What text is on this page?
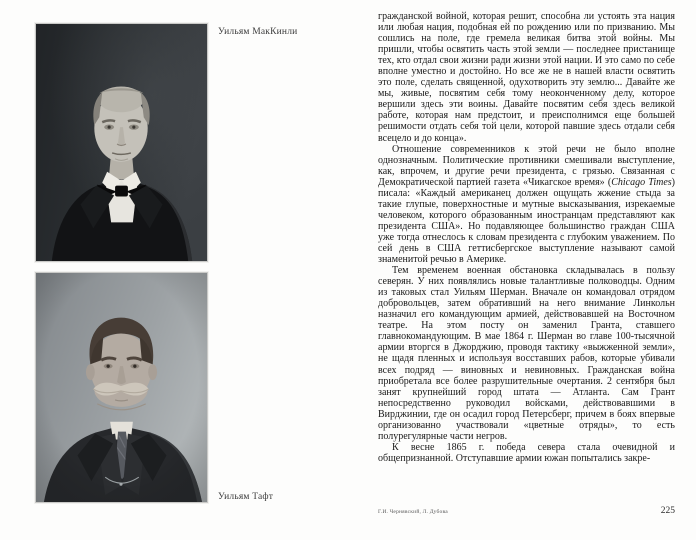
Уильям МакКинли
Уильям Тафт

гражданской войной, которая решит, способна ли устоять эта нация или любая нация, подобная ей по рождению или по призванию. Мы сошлись на поле, где гремела великая битва этой войны. Мы пришли, чтобы освятить часть этой земли — последнее пристанище тех, кто отдал свои жизни ради жизни этой нации. И это само по себе вполне уместно и достойно. Но все же не в нашей власти освятить это поле, сделать священной, одухотворить эту землю... Давайте же мы, живые, посвятим себя тому неоконченному делу, которое вершили здесь эти воины. Давайте посвятим себя здесь великой работе, которая нам предстоит, и преисполнимся еще большей решимости отдать себя той цели, которой павшие здесь отдали себя всецело и до конца».

Отношение современников к этой речи не было вполне однозначным. Политические противники смешивали выступление, как, впрочем, и другие речи президента, с грязью. Связанная с Демократической партией газета «Чикагское время» (Chicago Times) писала: «Каждый американец должен ощущать жжение стыда за такие глупые, поверхностные и мутные высказывания, изрекаемые человеком, которого образованным иностранцам представляют как президента США». Но подавляющее большинство граждан США уже тогда отнеслось к словам президента с глубоким уважением. По сей день в США геттисбергское выступление называют самой знаменитой речью в Америке.

Тем временем военная обстановка складывалась в пользу северян. У них появлялись новые талантливые полководцы. Одним из таковых стал Уильям Шерман. Вначале он командовал отрядом добровольцев, затем обративший на него внимание Линкольн назначил его командующим армией, действовавшей на Восточном театре. На этом посту он заменил Гранта, ставшего главнокомандующим. В мае 1864 г. Шерман во главе 100-тысячной армии вторгся в Джорджию, проводя тактику «выжженной земли», не щадя пленных и используя восставших рабов, которые убивали всех подряд — виновных и невиновных. Гражданская война приобретала все более разрушительные очертания. 2 сентября был занят крупнейший город штата — Атланта. Сам Грант непосредственно руководил войсками, действовавшими в Вирджинии, где он осадил город Петерсберг, причем в боях впервые организованно участвовали «цветные отряды», то есть полурегулярные части негров.

К весне 1865 г. победа севера стала очевидной и общепризнанной. Отступавшие армии южан попытались закре-

Г.И. Чернявский, Л. Дубова	225
